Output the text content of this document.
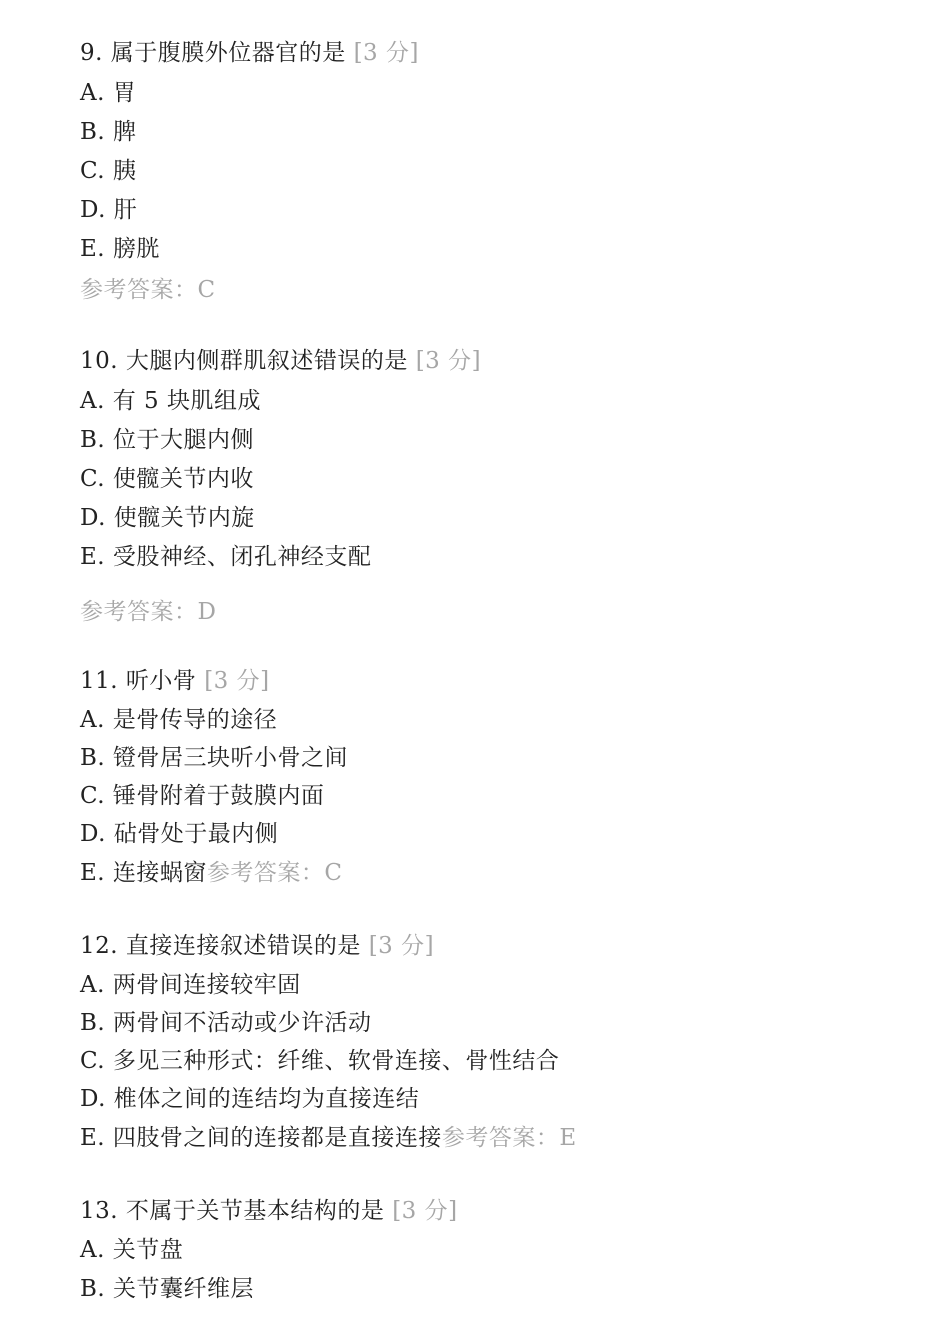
9. 属于腹膜外位器官的是 [3 分]
A. 胃
B. 脾
C. 胰
D. 肝
E. 膀胱
参考答案：C
10. 大腿内侧群肌叙述错误的是 [3 分]
A. 有 5 块肌组成
B. 位于大腿内侧
C. 使髋关节内收
D. 使髋关节内旋
E. 受股神经、闭孔神经支配
参考答案：D
11. 听小骨 [3 分]
A. 是骨传导的途径
B. 镫骨居三块听小骨之间
C. 锤骨附着于鼓膜内面
D. 砧骨处于最内侧
E. 连接蜗窗参考答案：C
12. 直接连接叙述错误的是 [3 分]
A. 两骨间连接较牢固
B. 两骨间不活动或少许活动
C. 多见三种形式：纤维、软骨连接、骨性结合
D. 椎体之间的连结均为直接连结
E. 四肢骨之间的连接都是直接连接参考答案：E
13. 不属于关节基本结构的是 [3 分]
A. 关节盘
B. 关节囊纤维层
